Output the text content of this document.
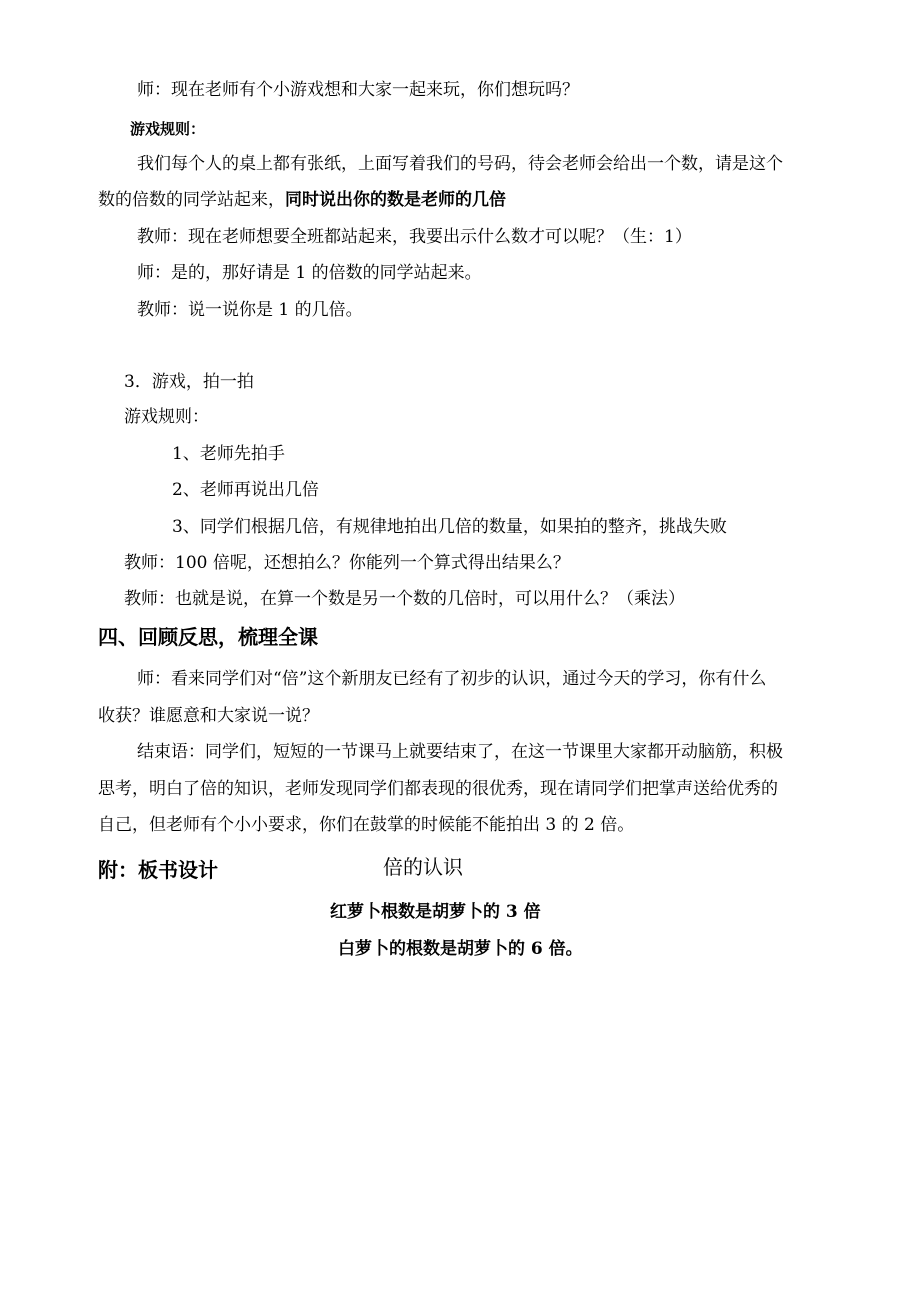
师：现在老师有个小游戏想和大家一起来玩，你们想玩吗？
游戏规则：
我们每个人的桌上都有张纸，上面写着我们的号码，待会老师会给出一个数，请是这个
数的倍数的同学站起来，同时说出你的数是老师的几倍
教师：现在老师想要全班都站起来，我要出示什么数才可以呢？（生：1）
师：是的，那好请是 1 的倍数的同学站起来。
教师：说一说你是 1 的几倍。
3．游戏，拍一拍
游戏规则：
1、老师先拍手
2、老师再说出几倍
3、同学们根据几倍，有规律地拍出几倍的数量，如果拍的整齐，挑战失败
教师：100 倍呢，还想拍么？你能列一个算式得出结果么？
教师：也就是说，在算一个数是另一个数的几倍时，可以用什么？（乘法）
四、回顾反思，梳理全课
师：看来同学们对“倍”这个新朋友已经有了初步的认识，通过今天的学习，你有什么
收获？谁愿意和大家说一说？
结束语：同学们，短短的一节课马上就要结束了，在这一节课里大家都开动脑筋，积极
思考，明白了倍的知识，老师发现同学们都表现的很优秀，现在请同学们把掌声送给优秀的
自己，但老师有个小小要求，你们在鼓掌的时候能不能拍出 3 的 2 倍。
附：板书设计	倍的认识
红萝卜根数是胡萝卜的 3 倍
白萝卜的根数是胡萝卜的 6 倍。
